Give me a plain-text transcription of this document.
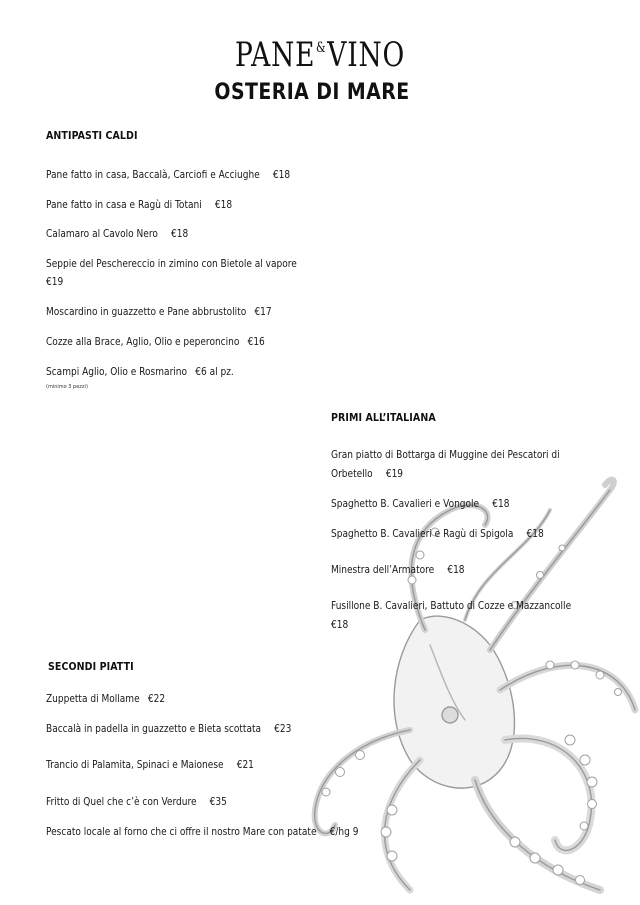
PANE&VINO
OSTERIA DI MARE
ANTIPASTI CALDI
Pane fatto in casa, Baccalà, Carciofi e Acciughe €18
Pane fatto in casa e Ragù di Totani €18
Calamaro al Cavolo Nero €18
Seppie del Peschereccio in zimino con Bietole al vapore
€19
Moscardino in guazzetto e Pane abbrustolito €17
Cozze alla Brace, Aglio, Olio e peperoncino €16
Scampi Aglio, Olio e Rosmarino €6 al pz.
(minimo 3 pezzi)
PRIMI ALL’ITALIANA
Gran piatto di Bottarga di Muggine dei Pescatori di
Orbetello €19
Spaghetto B. Cavalieri e Vongole €18
Spaghetto B. Cavalieri e Ragù di Spigola €18
Minestra dell’Armatore €18
Fusillone B. Cavalieri, Battuto di Cozze e Mazzancolle
€18
SECONDI PIATTI
Zuppetta di Mollame €22
Baccalà in padella in guazzetto e Bieta scottata €23
Trancio di Palamita, Spinaci e Maionese €21
Fritto di Quel che c’è con Verdure €35
Pescato locale al forno che ci offre il nostro Mare con patate €/hg 9
